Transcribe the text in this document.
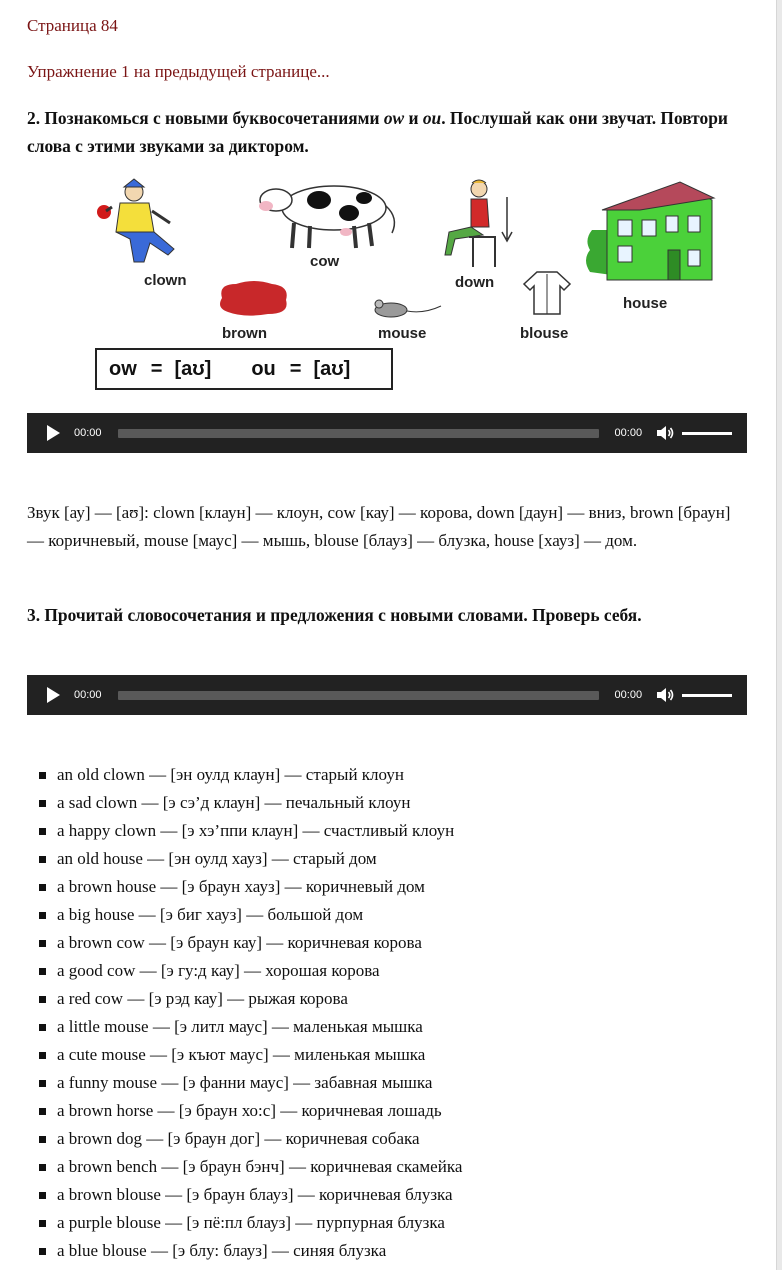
Страница 84

Упражнение 1 на предыдущей странице...

2. Познакомься с новыми буквосочетаниями ow и ou. Послушай как они звучат. Повтори слова с этими звуками за диктором.

clown
cow
down
house
brown	mouse	blouse
ow = [aʊ] ou = [aʊ]
00:00	00:00

Звук [ау] — [aʊ]: clown [клаун] — клоун, cow [кау] — корова, down [даун] — вниз, brown [браун] — коричневый, mouse [маус] — мышь, blouse [блауз] — блузка, house [хауз] — дом.

3. Прочитай словосочетания и предложения с новыми словами. Проверь себя.

00:00	00:00
an old clown — [эн оулд клаун] — старый клоун
a sad clown — [э сэ’д клаун] — печальный клоун
a happy clown — [э хэ’ппи клаун] — счастливый клоун
an old house — [эн оулд хауз] — старый дом
a brown house — [э браун хауз] — коричневый дом
a big house — [э биг хауз] — большой дом
a brown cow — [э браун кау] — коричневая корова
a good cow — [э гу:д кау] — хорошая корова
a red cow — [э рэд кау] — рыжая корова
a little mouse — [э литл маус] — маленькая мышка
a cute mouse — [э къют маус] — миленькая мышка
a funny mouse — [э фанни маус] — забавная мышка
a brown horse — [э браун хо:с] — коричневая лошадь
a brown dog — [э браун дог] — коричневая собака
a brown bench — [э браун бэнч] — коричневая скамейка
a brown blouse — [э браун блауз] — коричневая блузка
a purple blouse — [э пё:пл блауз] — пурпурная блузка
a blue blouse — [э блу: блауз] — синяя блузка
